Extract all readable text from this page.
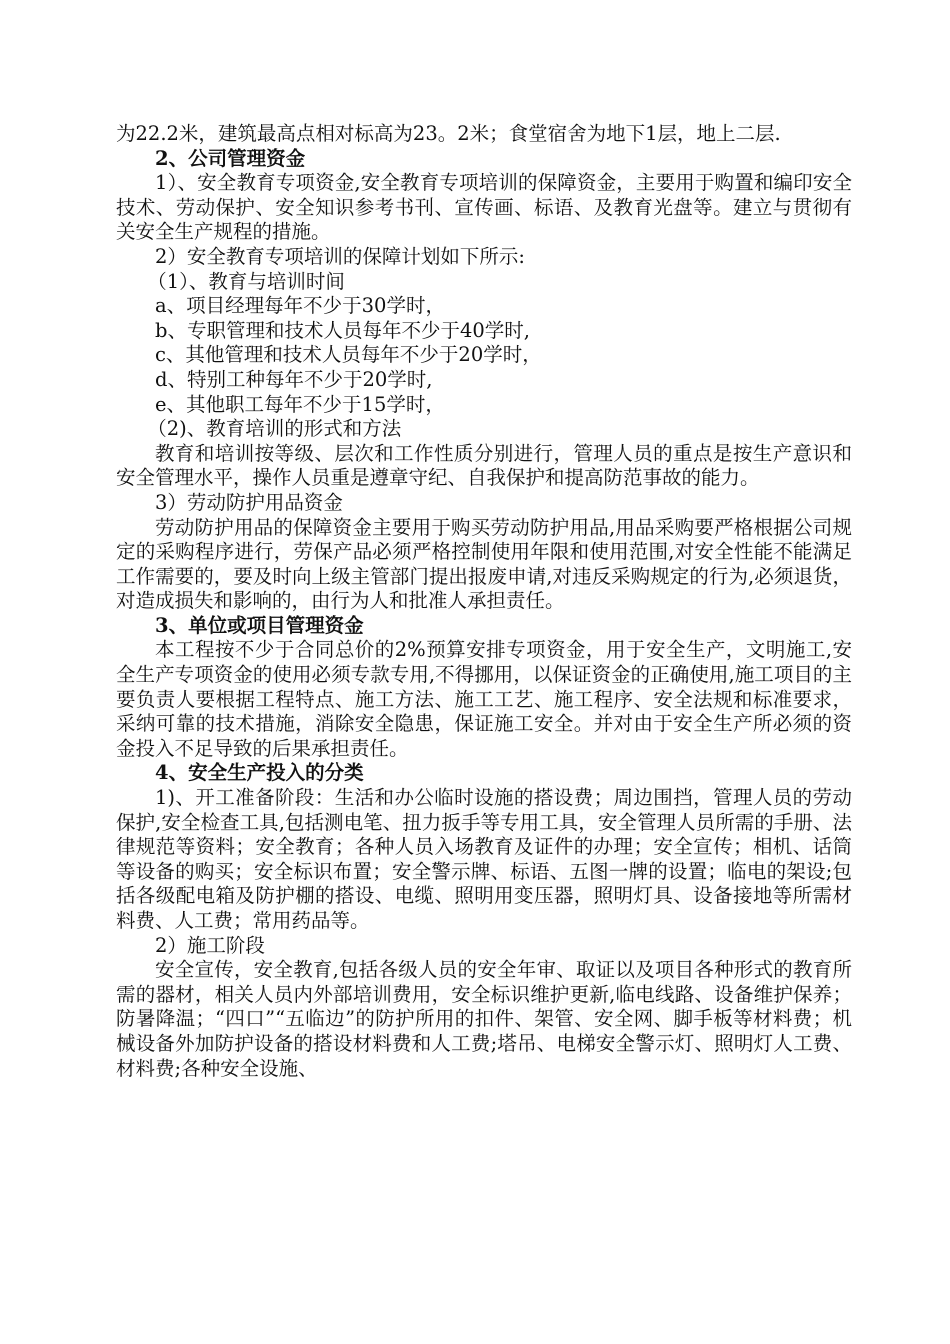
为22.2米，建筑最高点相对标高为23。2米；食堂宿舍为地下1层，地上二层.

2、公司管理资金

1）、安全教育专项资金,安全教育专项培训的保障资金，主要用于购置和编印安全技术、劳动保护、安全知识参考书刊、宣传画、标语、及教育光盘等。建立与贯彻有关安全生产规程的措施。

2）安全教育专项培训的保障计划如下所示:

（1）、教育与培训时间

a、项目经理每年不少于30学时，

b、专职管理和技术人员每年不少于40学时,

c、其他管理和技术人员每年不少于20学时，

d、特别工种每年不少于20学时,

e、其他职工每年不少于15学时，

（2)、教育培训的形式和方法

教育和培训按等级、层次和工作性质分别进行，管理人员的重点是按生产意识和安全管理水平，操作人员重是遵章守纪、自我保护和提高防范事故的能力。

3）劳动防护用品资金

劳动防护用品的保障资金主要用于购买劳动防护用品,用品采购要严格根据公司规定的采购程序进行，劳保产品必须严格控制使用年限和使用范围,对安全性能不能满足工作需要的，要及时向上级主管部门提出报废申请,对违反采购规定的行为,必须退货，对造成损失和影响的，由行为人和批准人承担责任。

3、单位或项目管理资金

本工程按不少于合同总价的2%预算安排专项资金，用于安全生产，文明施工,安全生产专项资金的使用必须专款专用,不得挪用，以保证资金的正确使用,施工项目的主要负责人要根据工程特点、施工方法、施工工艺、施工程序、安全法规和标准要求，采纳可靠的技术措施，消除安全隐患，保证施工安全。并对由于安全生产所必须的资金投入不足导致的后果承担责任。

4、安全生产投入的分类

1)、开工准备阶段：生活和办公临时设施的搭设费；周边围挡，管理人员的劳动保护,安全检查工具,包括测电笔、扭力扳手等专用工具，安全管理人员所需的手册、法律规范等资料；安全教育；各种人员入场教育及证件的办理；安全宣传；相机、话筒等设备的购买；安全标识布置；安全警示牌、标语、五图一牌的设置；临电的架设;包括各级配电箱及防护棚的搭设、电缆、照明用变压器，照明灯具、设备接地等所需材料费、人工费；常用药品等。

2）施工阶段

安全宣传，安全教育,包括各级人员的安全年审、取证以及项目各种形式的教育所需的器材，相关人员内外部培训费用，安全标识维护更新,临电线路、设备维护保养；防暑降温；“四口”“五临边”的防护所用的扣件、架管、安全网、脚手板等材料费；机械设备外加防护设备的搭设材料费和人工费;塔吊、电梯安全警示灯、照明灯人工费、材料费;各种安全设施、
